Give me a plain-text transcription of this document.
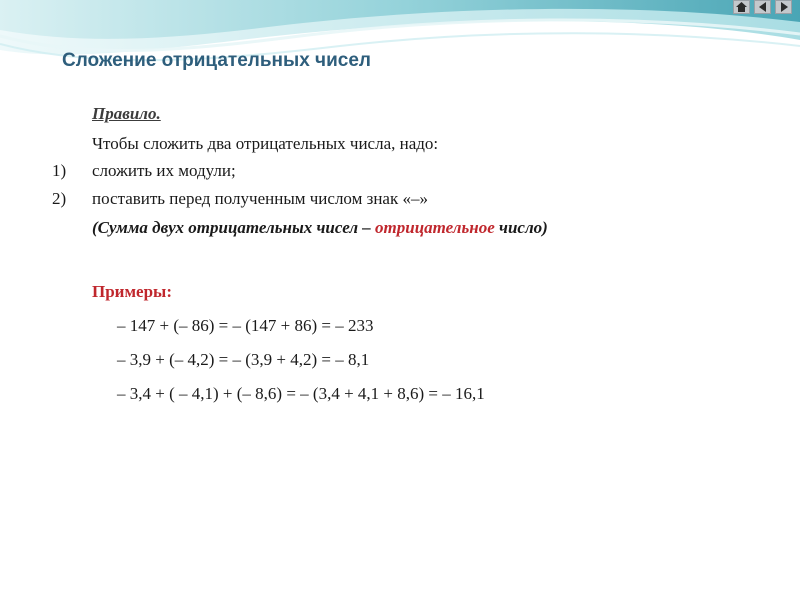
Сложение отрицательных чисел
Правило.
Чтобы сложить два отрицательных числа, надо:
1) сложить их модули;
2) поставить перед полученным числом знак «–»
(Сумма двух отрицательных чисел – отрицательное число)
Примеры:
– 147 + (– 86) = – (147 + 86) = – 233
– 3,9 + (– 4,2) = – (3,9 + 4,2) = – 8,1
– 3,4 + ( – 4,1) + (– 8,6) = – (3,4 + 4,1 + 8,6) = – 16,1
